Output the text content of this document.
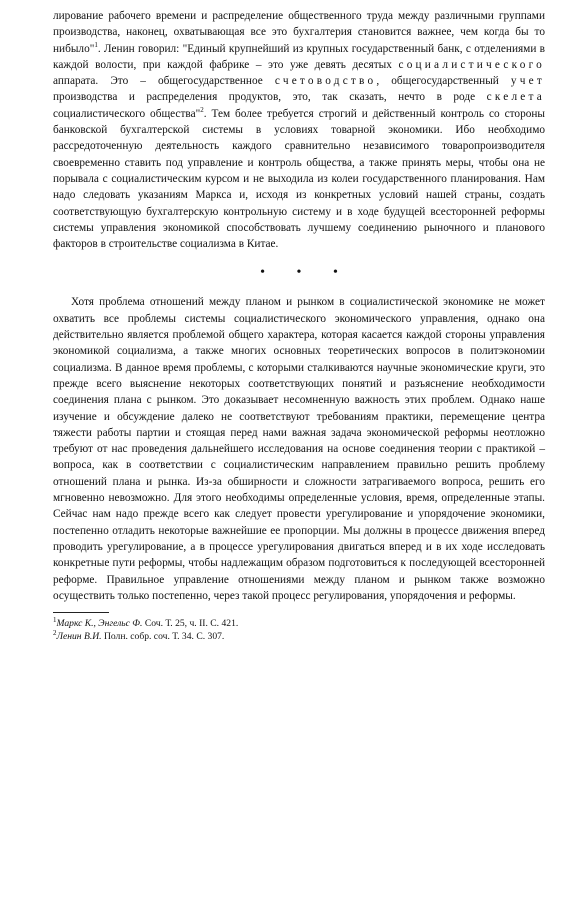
лирование рабочего времени и распределение общественного труда между различными группами производства, наконец, охватывающая все это бухгалтерия становится важнее, чем когда бы то нибыло"$^1$. Ленин говорил: "Единый крупнейший из крупных государственный банк, с отделениями в каждой волости, при каждой фабрике – это уже девять десятых социалистического аппарата. Это – общегосударственное счетоводство, общегосударственный учет производства и распределения продуктов, это, так сказать, нечто в роде скелета социалистического общества"$^2$. Тем более требуется строгий и действенный контроль со стороны банковской бухгалтерской системы в условиях товарной экономики. Ибо необходимо рассредоточенную деятельность каждого сравнительно независимого товаропроизводителя своевременно ставить под управление и контроль общества, а также принять меры, чтобы она не порывала с социалистическим курсом и не выходила из колеи государственного планирования. Нам надо следовать указаниям Маркса и, исходя из конкретных условий нашей страны, создать соответствующую бухгалтерскую контрольную систему и в ходе будущей всесторонней реформы системы управления экономикой способствовать лучшему соединению рыночного и планового факторов в строительстве социализма в Китае.

• • •

Хотя проблема отношений между планом и рынком в социалистической экономике не может охватить все проблемы системы социалистического экономического управления, однако она действительно является проблемой общего характера, которая касается каждой стороны управления экономикой социализма, а также многих основных теоретических вопросов в политэкономии социализма. В данное время проблемы, с которыми сталкиваются научные экономические круги, это прежде всего выяснение некоторых соответствующих понятий и разъяснение необходимости соединения плана с рынком. Это доказывает несомненную важность этих проблем. Однако наше изучение и обсуждение далеко не соответствуют требованиям практики, перемещение центра тяжести работы партии и стоящая перед нами важная задача экономической реформы неотложно требуют от нас проведения дальнейшего исследования на основе соединения теории с практикой – вопроса, как в соответствии с социалистическим направлением правильно решить проблему отношений плана и рынка. Из-за обширности и сложности затрагиваемого вопроса, решить его мгновенно невозможно. Для этого необходимы определенные условия, время, определенные этапы. Сейчас нам надо прежде всего как следует провести урегулирование и упорядочение экономики, постепенно отладить некоторые важнейшие ее пропорции. Мы должны в процессе движения вперед проводить урегулирование, а в процессе урегулирования двигаться вперед и в их ходе исследовать конкретные пути реформы, чтобы надлежащим образом подготовиться к последующей всесторонней реформе. Правильное управление отношениями между планом и рынком также возможно осуществить только постепенно, через такой процесс регулирования, упорядочения и реформы.

$^1$Маркс К., Энгельс Ф. Соч. Т. 25, ч. II. С. 421.

$^2$Ленин В.И. Полн. собр. соч. Т. 34. С. 307.
